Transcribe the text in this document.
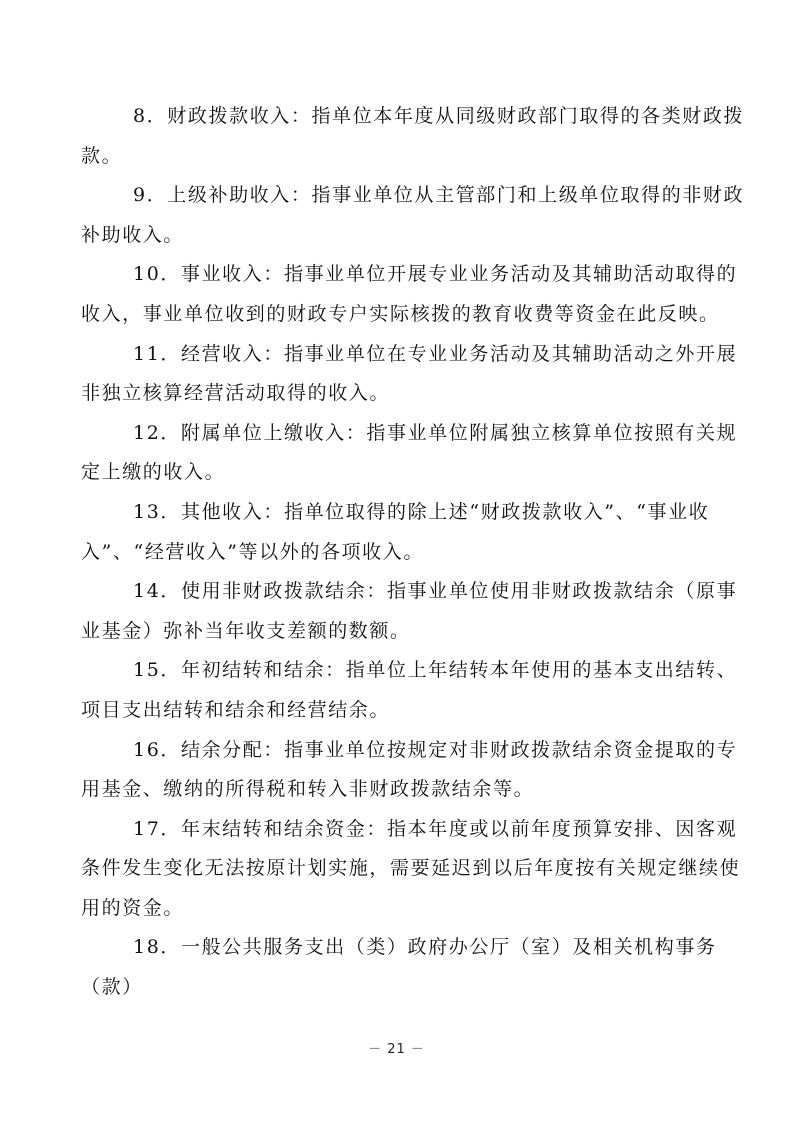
8．财政拨款收入：指单位本年度从同级财政部门取得的各类财政拨款。

9．上级补助收入：指事业单位从主管部门和上级单位取得的非财政补助收入。

10．事业收入：指事业单位开展专业业务活动及其辅助活动取得的收入，事业单位收到的财政专户实际核拨的教育收费等资金在此反映。

11．经营收入：指事业单位在专业业务活动及其辅助活动之外开展非独立核算经营活动取得的收入。

12．附属单位上缴收入：指事业单位附属独立核算单位按照有关规定上缴的收入。

13．其他收入：指单位取得的除上述“财政拨款收入”、“事业收入”、“经营收入”等以外的各项收入。

14．使用非财政拨款结余：指事业单位使用非财政拨款结余（原事业基金）弥补当年收支差额的数额。

15．年初结转和结余：指单位上年结转本年使用的基本支出结转、项目支出结转和结余和经营结余。

16．结余分配：指事业单位按规定对非财政拨款结余资金提取的专用基金、缴纳的所得税和转入非财政拨款结余等。

17．年末结转和结余资金：指本年度或以前年度预算安排、因客观条件发生变化无法按原计划实施，需要延迟到以后年度按有关规定继续使用的资金。

18．一般公共服务支出（类）政府办公厅（室）及相关机构事务（款）

－ 21 －
